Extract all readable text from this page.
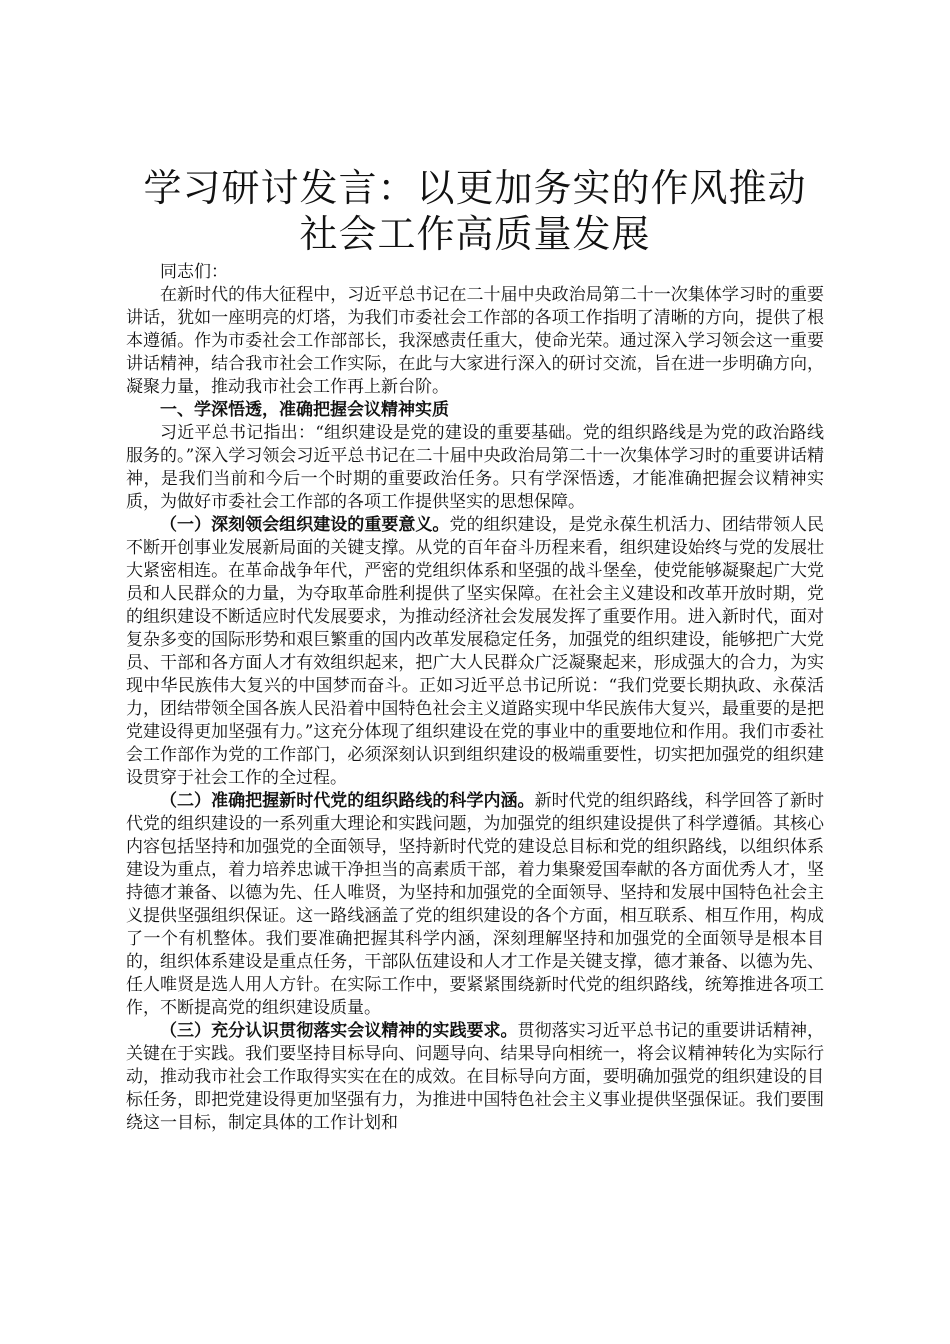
学习研讨发言：以更加务实的作风推动社会工作高质量发展

同志们：

在新时代的伟大征程中，习近平总书记在二十届中央政治局第二十一次集体学习时的重要讲话，犹如一座明亮的灯塔，为我们市委社会工作部的各项工作指明了清晰的方向，提供了根本遵循。作为市委社会工作部部长，我深感责任重大，使命光荣。通过深入学习领会这一重要讲话精神，结合我市社会工作实际，在此与大家进行深入的研讨交流，旨在进一步明确方向，凝聚力量，推动我市社会工作再上新台阶。

一、学深悟透，准确把握会议精神实质

习近平总书记指出：“组织建设是党的建设的重要基础。党的组织路线是为党的政治路线服务的。”深入学习领会习近平总书记在二十届中央政治局第二十一次集体学习时的重要讲话精神，是我们当前和今后一个时期的重要政治任务。只有学深悟透，才能准确把握会议精神实质，为做好市委社会工作部的各项工作提供坚实的思想保障。

（一）深刻领会组织建设的重要意义。党的组织建设，是党永葆生机活力、团结带领人民不断开创事业发展新局面的关键支撑。从党的百年奋斗历程来看，组织建设始终与党的发展壮大紧密相连。在革命战争年代，严密的党组织体系和坚强的战斗堡垒，使党能够凝聚起广大党员和人民群众的力量，为夺取革命胜利提供了坚实保障。在社会主义建设和改革开放时期，党的组织建设不断适应时代发展要求，为推动经济社会发展发挥了重要作用。进入新时代，面对复杂多变的国际形势和艰巨繁重的国内改革发展稳定任务，加强党的组织建设，能够把广大党员、干部和各方面人才有效组织起来，把广大人民群众广泛凝聚起来，形成强大的合力，为实现中华民族伟大复兴的中国梦而奋斗。正如习近平总书记所说：“我们党要长期执政、永葆活力，团结带领全国各族人民沿着中国特色社会主义道路实现中华民族伟大复兴，最重要的是把党建设得更加坚强有力。”这充分体现了组织建设在党的事业中的重要地位和作用。我们市委社会工作部作为党的工作部门，必须深刻认识到组织建设的极端重要性，切实把加强党的组织建设贯穿于社会工作的全过程。

（二）准确把握新时代党的组织路线的科学内涵。新时代党的组织路线，科学回答了新时代党的组织建设的一系列重大理论和实践问题，为加强党的组织建设提供了科学遵循。其核心内容包括坚持和加强党的全面领导，坚持新时代党的建设总目标和党的组织路线，以组织体系建设为重点，着力培养忠诚干净担当的高素质干部，着力集聚爱国奉献的各方面优秀人才，坚持德才兼备、以德为先、任人唯贤，为坚持和加强党的全面领导、坚持和发展中国特色社会主义提供坚强组织保证。这一路线涵盖了党的组织建设的各个方面，相互联系、相互作用，构成了一个有机整体。我们要准确把握其科学内涵，深刻理解坚持和加强党的全面领导是根本目的，组织体系建设是重点任务，干部队伍建设和人才工作是关键支撑，德才兼备、以德为先、任人唯贤是选人用人方针。在实际工作中，要紧紧围绕新时代党的组织路线，统筹推进各项工作，不断提高党的组织建设质量。

（三）充分认识贯彻落实会议精神的实践要求。贯彻落实习近平总书记的重要讲话精神，关键在于实践。我们要坚持目标导向、问题导向、结果导向相统一，将会议精神转化为实际行动，推动我市社会工作取得实实在在的成效。在目标导向方面，要明确加强党的组织建设的目标任务，即把党建设得更加坚强有力，为推进中国特色社会主义事业提供坚强保证。我们要围绕这一目标，制定具体的工作计划和
